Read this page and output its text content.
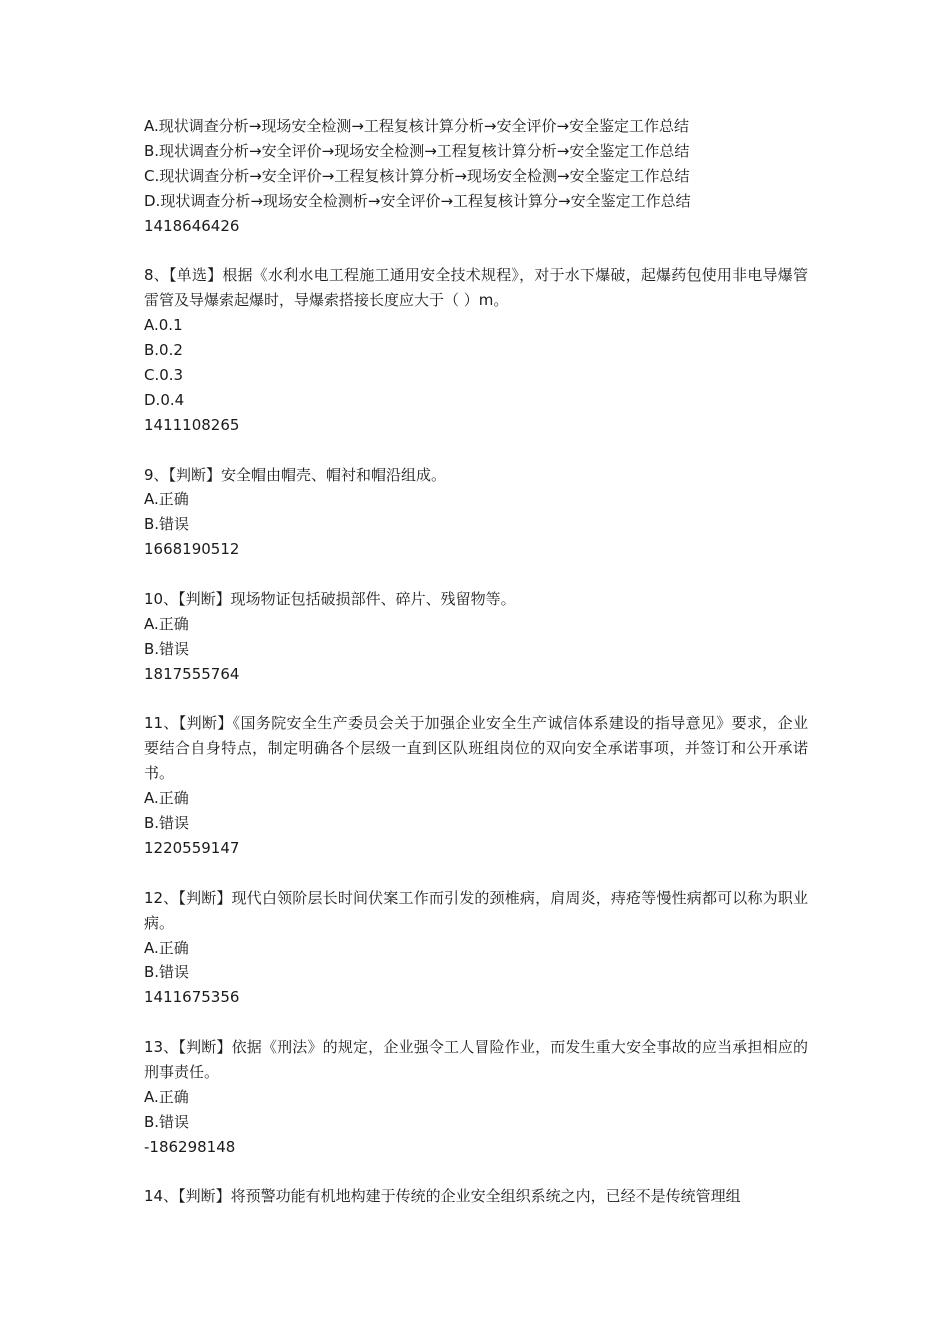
A.现状调查分析→现场安全检测→工程复核计算分析→安全评价→安全鉴定工作总结
B.现状调查分析→安全评价→现场安全检测→工程复核计算分析→安全鉴定工作总结
C.现状调查分析→安全评价→工程复核计算分析→现场安全检测→安全鉴定工作总结
D.现状调查分析→现场安全检测析→安全评价→工程复核计算分→安全鉴定工作总结
1418646426
8、【单选】根据《水利水电工程施工通用安全技术规程》，对于水下爆破，起爆药包使用非电导爆管雷管及导爆索起爆时，导爆索搭接长度应大于（ ）m。
A.0.1
B.0.2
C.0.3
D.0.4
1411108265
9、【判断】安全帽由帽壳、帽衬和帽沿组成。
A.正确
B.错误
1668190512
10、【判断】现场物证包括破损部件、碎片、残留物等。
A.正确
B.错误
1817555764
11、【判断】《国务院安全生产委员会关于加强企业安全生产诚信体系建设的指导意见》要求，企业要结合自身特点，制定明确各个层级一直到区队班组岗位的双向安全承诺事项，并签订和公开承诺书。
A.正确
B.错误
1220559147
12、【判断】现代白领阶层长时间伏案工作而引发的颈椎病，肩周炎，痔疮等慢性病都可以称为职业病。
A.正确
B.错误
1411675356
13、【判断】依据《刑法》的规定，企业强令工人冒险作业，而发生重大安全事故的应当承担相应的刑事责任。
A.正确
B.错误
-186298148
14、【判断】将预警功能有机地构建于传统的企业安全组织系统之内，已经不是传统管理组
